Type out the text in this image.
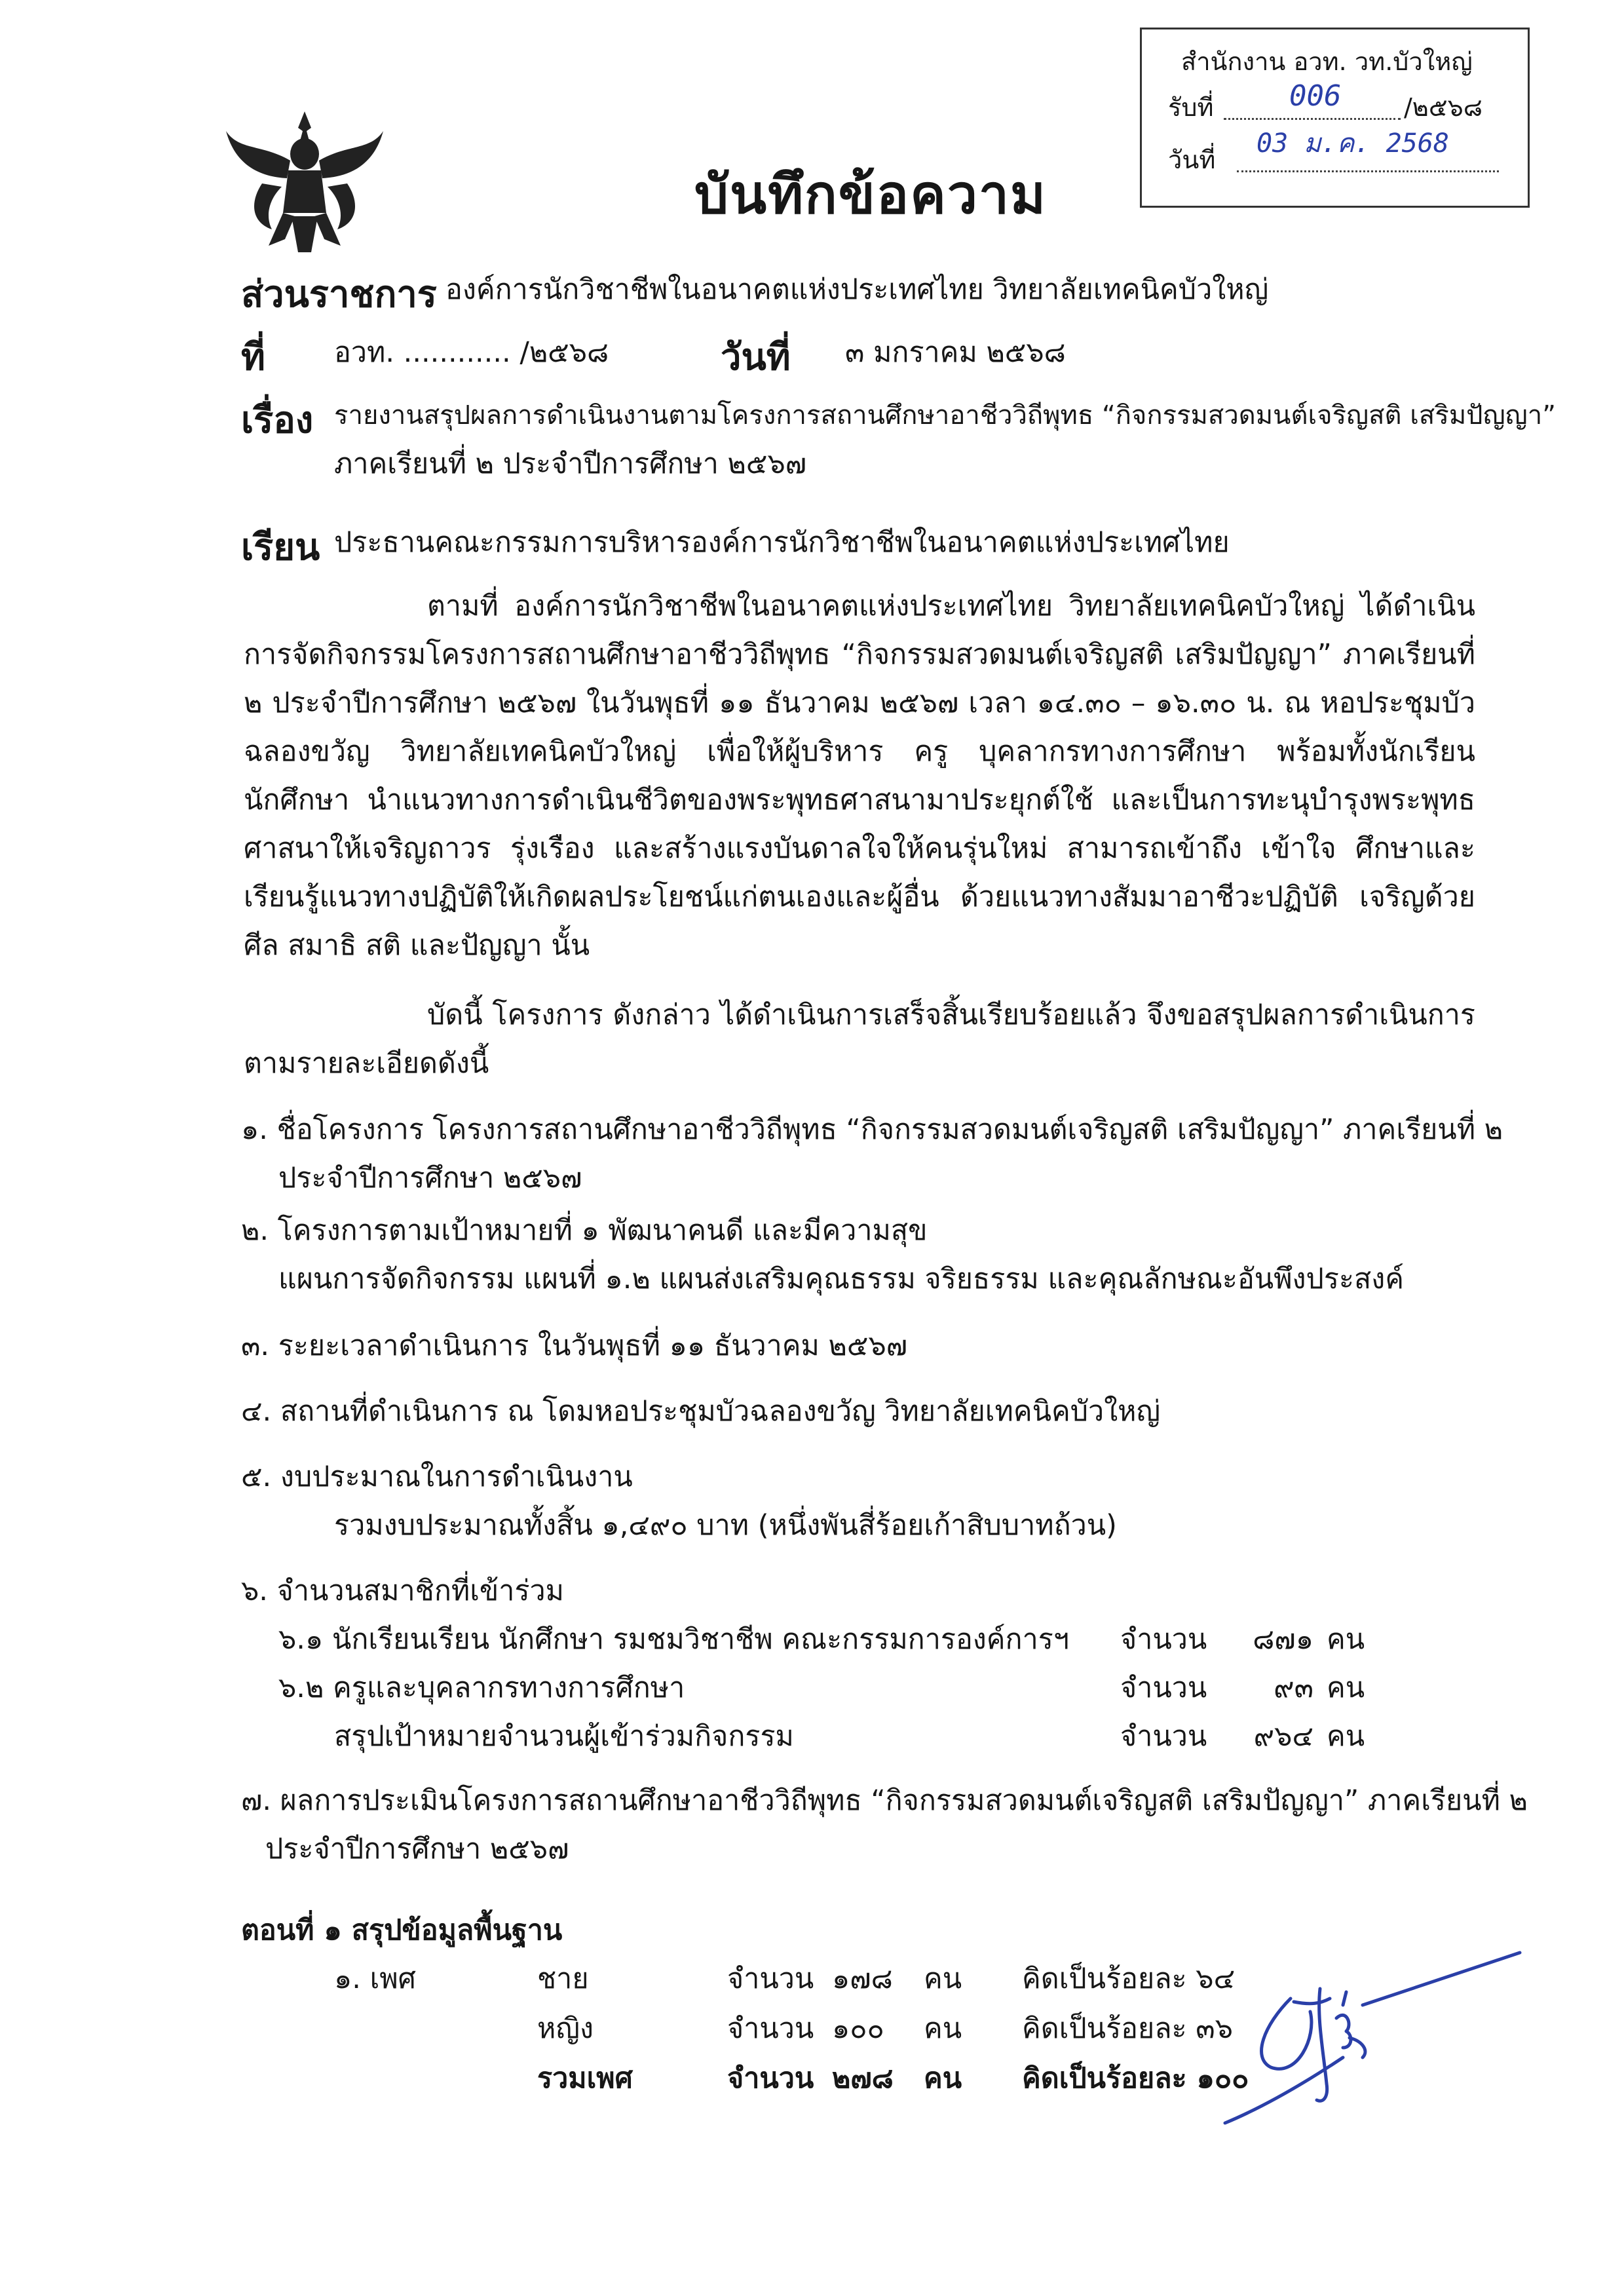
บันทึกข้อความ
สำนักงาน อวท. วท.บัวใหญ่
รับที่	006	/๒๕๖๘
วันที่
03 ม.ค. 2568
ส่วนราชการ องค์การนักวิชาชีพในอนาคตแห่งประเทศไทย วิทยาลัยเทคนิคบัวใหญ่
ที่ อวท. ............ /๒๕๖๘	วันที่ ๓ มกราคม ๒๕๖๘
เรื่อง รายงานสรุปผลการดำเนินงานตามโครงการสถานศึกษาอาชีววิถีพุทธ “กิจกรรมสวดมนต์เจริญสติ เสริมปัญญา”
ภาคเรียนที่ ๒ ประจำปีการศึกษา ๒๕๖๗
เรียน ประธานคณะกรรมการบริหารองค์การนักวิชาชีพในอนาคตแห่งประเทศไทย
ตามที่ องค์การนักวิชาชีพในอนาคตแห่งประเทศไทย วิทยาลัยเทคนิคบัวใหญ่ ได้ดำเนินการจัดกิจกรรมโครงการสถานศึกษาอาชีววิถีพุทธ “กิจกรรมสวดมนต์เจริญสติ เสริมปัญญา” ภาคเรียนที่ ๒ ประจำปีการศึกษา ๒๕๖๗ ในวันพุธที่ ๑๑ ธันวาคม ๒๕๖๗ เวลา ๑๔.๓๐ – ๑๖.๓๐ น. ณ หอประชุมบัวฉลองขวัญ วิทยาลัยเทคนิคบัวใหญ่ เพื่อให้ผู้บริหาร ครู บุคลากรทางการศึกษา พร้อมทั้งนักเรียน นักศึกษา นำแนวทางการดำเนินชีวิตของพระพุทธศาสนามาประยุกต์ใช้ และเป็นการทะนุบำรุงพระพุทธศาสนาให้เจริญถาวร รุ่งเรือง และสร้างแรงบันดาลใจให้คนรุ่นใหม่ สามารถเข้าถึง เข้าใจ ศึกษาและเรียนรู้แนวทางปฏิบัติให้เกิดผลประโยชน์แก่ตนเองและผู้อื่น ด้วยแนวทางสัมมาอาชีวะปฏิบัติ เจริญด้วยศีล สมาธิ สติ และปัญญา นั้น
บัดนี้ โครงการ ดังกล่าว ได้ดำเนินการเสร็จสิ้นเรียบร้อยแล้ว จึงขอสรุปผลการดำเนินการตามรายละเอียดดังนี้
๑. ชื่อโครงการ โครงการสถานศึกษาอาชีววิถีพุทธ “กิจกรรมสวดมนต์เจริญสติ เสริมปัญญา” ภาคเรียนที่ ๒
ประจำปีการศึกษา ๒๕๖๗
๒. โครงการตามเป้าหมายที่ ๑ พัฒนาคนดี และมีความสุข
แผนการจัดกิจกรรม แผนที่ ๑.๒ แผนส่งเสริมคุณธรรม จริยธรรม และคุณลักษณะอันพึงประสงค์
๓. ระยะเวลาดำเนินการ ในวันพุธที่ ๑๑ ธันวาคม ๒๕๖๗
๔. สถานที่ดำเนินการ ณ โดมหอประชุมบัวฉลองขวัญ วิทยาลัยเทคนิคบัวใหญ่
๕. งบประมาณในการดำเนินงาน
รวมงบประมาณทั้งสิ้น ๑,๔๙๐ บาท (หนึ่งพันสี่ร้อยเก้าสิบบาทถ้วน)
๖. จำนวนสมาชิกที่เข้าร่วม
๖.๑ นักเรียนเรียน นักศึกษา รมชมวิชาชีพ คณะกรรมการองค์การฯ จำนวน ๘๗๑ คน
๖.๒ ครูและบุคลากรทางการศึกษา	จำนวน	๙๓ คน
สรุปเป้าหมายจำนวนผู้เข้าร่วมกิจกรรม	จำนวน ๙๖๔ คน
๗. ผลการประเมินโครงการสถานศึกษาอาชีววิถีพุทธ “กิจกรรมสวดมนต์เจริญสติ เสริมปัญญา” ภาคเรียนที่ ๒
ประจำปีการศึกษา ๒๕๖๗
ตอนที่ ๑ สรุปข้อมูลพื้นฐาน
๑. เพศ	ชาย	จำนวน ๑๗๘ คน คิดเป็นร้อยละ ๖๔
หญิง	จำนวน ๑๐๐ คน คิดเป็นร้อยละ ๓๖
รวมเพศ	จำนวน ๒๗๘ คน คิดเป็นร้อยละ ๑๐๐
